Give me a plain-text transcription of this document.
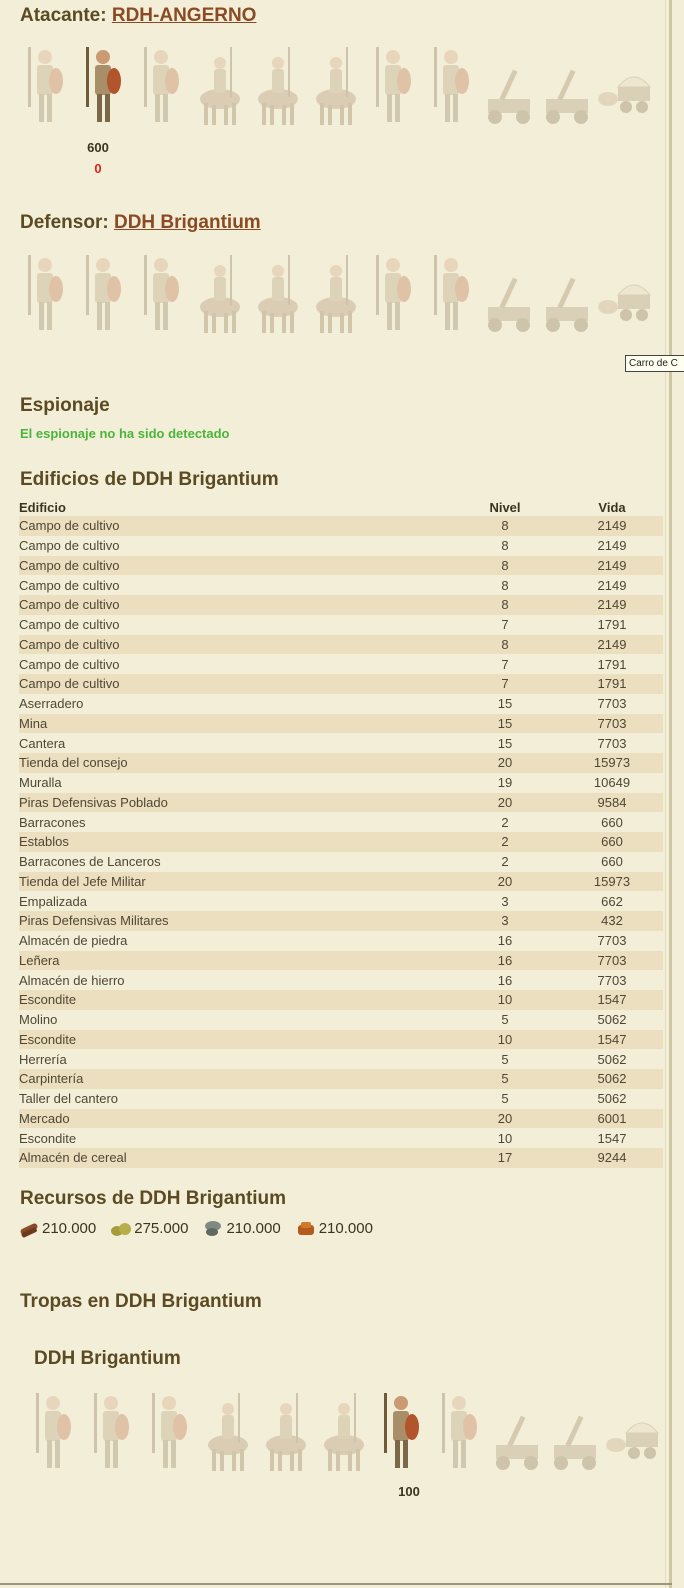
Atacante: RDH-ANGERNO
600
0
Defensor: DDH Brigantium
Carro de C
Espionaje
El espionaje no ha sido detectado
Edificios de DDH Brigantium
Edificio	Nivel	Vida
Campo de cultivo	8	2149
Campo de cultivo	8	2149
Campo de cultivo	8	2149
Campo de cultivo	8	2149
Campo de cultivo	8	2149
Campo de cultivo	7	1791
Campo de cultivo	8	2149
Campo de cultivo	7	1791
Campo de cultivo	7	1791
Aserradero	15	7703
Mina	15	7703
Cantera	15	7703
Tienda del consejo	20	15973
Muralla	19	10649
Piras Defensivas Poblado	20	9584
Barracones	2	660
Establos	2	660
Barracones de Lanceros	2	660
Tienda del Jefe Militar	20	15973
Empalizada	3	662
Piras Defensivas Militares	3	432
Almacén de piedra	16	7703
Leñera	16	7703
Almacén de hierro	16	7703
Escondite	10	1547
Molino	5	5062
Escondite	10	1547
Herrería	5	5062
Carpintería	5	5062
Taller del cantero	5	5062
Mercado	20	6001
Escondite	10	1547
Almacén de cereal	17	9244
Recursos de DDH Brigantium
210.000	275.000	210.000	210.000
Tropas en DDH Brigantium
DDH Brigantium
100
